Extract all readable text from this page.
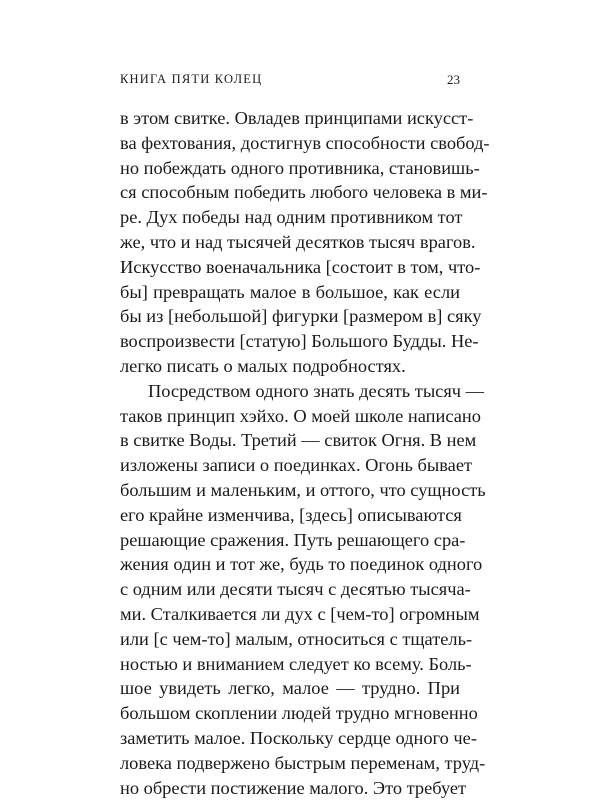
КНИГА ПЯТИ КОЛЕЦ	23
в этом свитке. Овладев принципами искусст-
ва фехтования, достигнув способности свобод-
но побеждать одного противника, становишь-
ся способным победить любого человека в ми-
ре. Дух победы над одним противником тот
же, что и над тысячей десятков тысяч врагов.
Искусство военачальника [состоит в том, что-
бы] превращать малое в большое, как если
бы из [небольшой] фигурки [размером в] сяку
воспроизвести [статую] Большого Будды. Не-
легко писать о малых подробностях.
Посредством одного знать десять тысяч —
таков принцип хэйхо. О моей школе написано
в свитке Воды. Третий — свиток Огня. В нем
изложены записи о поединках. Огонь бывает
большим и маленьким, и оттого, что сущность
его крайне изменчива, [здесь] описываются
решающие сражения. Путь решающего сра-
жения один и тот же, будь то поединок одного
с одним или десяти тысяч с десятью тысяча-
ми. Сталкивается ли дух с [чем-то] огромным
или [с чем-то] малым, относиться с тщатель-
ностью и вниманием следует ко всему. Боль-
шое увидеть легко, малое — трудно. При
большом скоплении людей трудно мгновенно
заметить малое. Поскольку сердце одного че-
ловека подвержено быстрым переменам, труд-
но обрести постижение малого. Это требует
